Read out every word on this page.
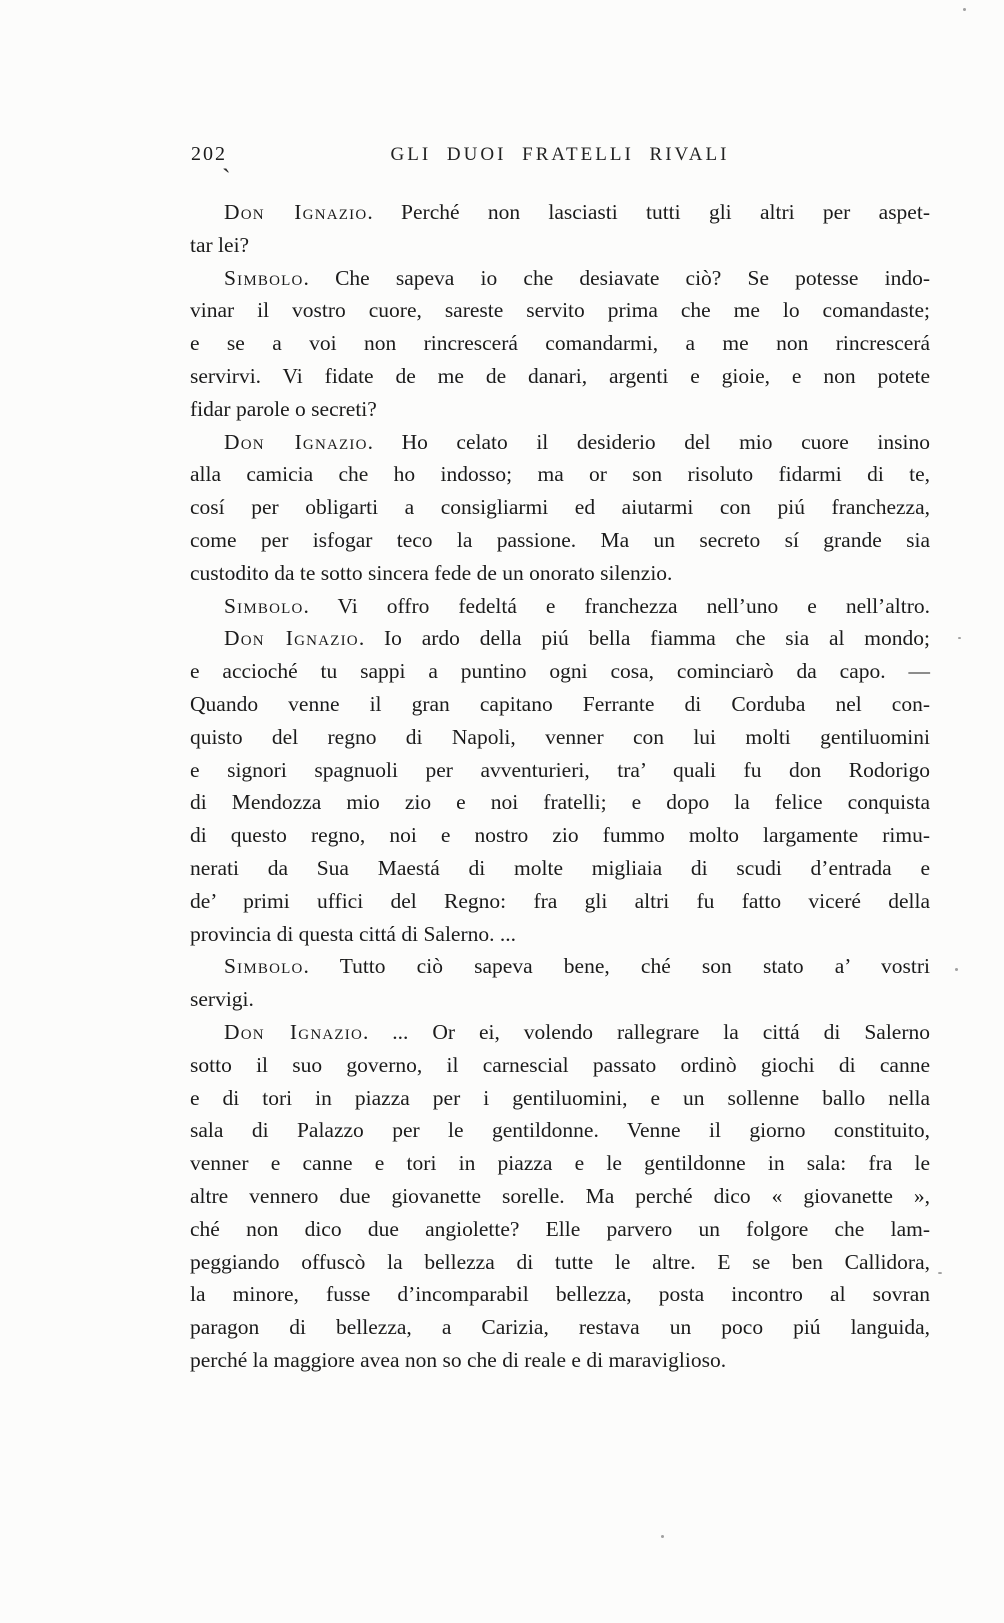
202	GLI DUOI FRATELLI RIVALI
ˋ
Don Ignazio. Perché non lasciasti tutti gli altri per aspet-
tar lei?
Simbolo. Che sapeva io che desiavate ciò? Se potesse indo-
vinar il vostro cuore, sareste servito prima che me lo comandaste;
e se a voi non rincrescerá comandarmi, a me non rincrescerá
servirvi. Vi fidate de me de danari, argenti e gioie, e non potete
fidar parole o secreti?
Don Ignazio. Ho celato il desiderio del mio cuore insino
alla camicia che ho indosso; ma or son risoluto fidarmi di te,
cosí per obligarti a consigliarmi ed aiutarmi con piú franchezza,
come per isfogar teco la passione. Ma un secreto sí grande sia
custodito da te sotto sincera fede de un onorato silenzio.
Simbolo. Vi offro fedeltá e franchezza nell’uno e nell’altro.
Don Ignazio. Io ardo della piú bella fiamma che sia al mondo;
e accioché tu sappi a puntino ogni cosa, cominciarò da capo. —
Quando venne il gran capitano Ferrante di Corduba nel con-
quisto del regno di Napoli, venner con lui molti gentiluomini
e signori spagnuoli per avventurieri, tra’ quali fu don Rodorigo
di Mendozza mio zio e noi fratelli; e dopo la felice conquista
di questo regno, noi e nostro zio fummo molto largamente rimu-
nerati da Sua Maestá di molte migliaia di scudi d’entrada e
de’ primi uffici del Regno: fra gli altri fu fatto viceré della
provincia di questa cittá di Salerno. ...
Simbolo. Tutto ciò sapeva bene, ché son stato a’ vostri
servigi.
Don Ignazio. ... Or ei, volendo rallegrare la cittá di Salerno
sotto il suo governo, il carnescial passato ordinò giochi di canne
e di tori in piazza per i gentiluomini, e un sollenne ballo nella
sala di Palazzo per le gentildonne. Venne il giorno constituito,
venner e canne e tori in piazza e le gentildonne in sala: fra le
altre vennero due giovanette sorelle. Ma perché dico « giovanette »,
ché non dico due angiolette? Elle parvero un folgore che lam-
peggiando offuscò la bellezza di tutte le altre. E se ben Callidora,
la minore, fusse d’incomparabil bellezza, posta incontro al sovran
paragon di bellezza, a Carizia, restava un poco piú languida,
perché la maggiore avea non so che di reale e di maraviglioso.
